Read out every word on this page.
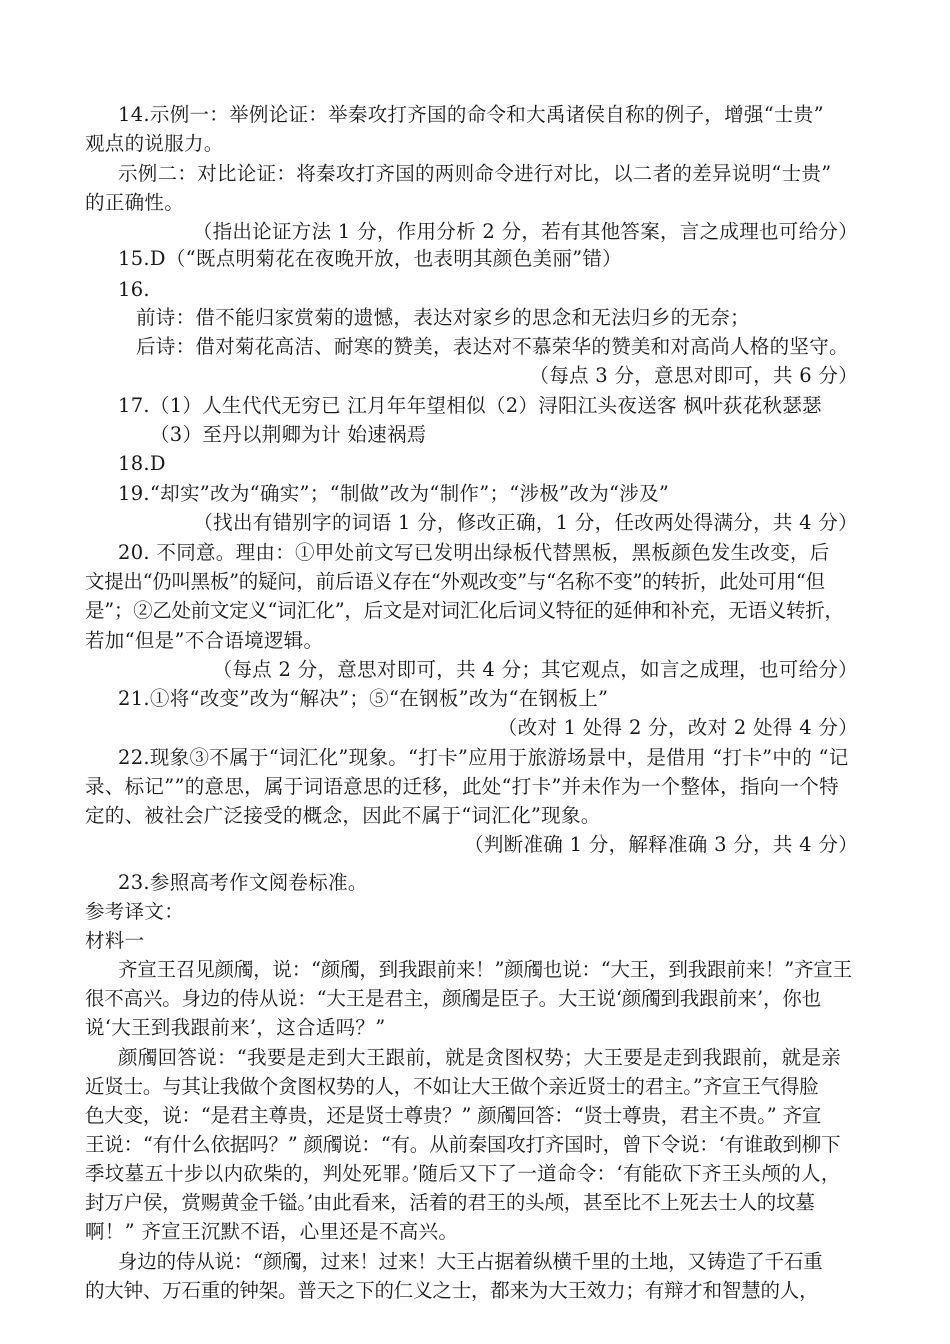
14.示例一：举例论证：举秦攻打齐国的命令和大禹诸侯自称的例子，增强“士贵”
观点的说服力。
示例二：对比论证：将秦攻打齐国的两则命令进行对比，以二者的差异说明“士贵”
的正确性。
（指出论证方法 1 分，作用分析 2 分，若有其他答案，言之成理也可给分）
15.D（“既点明菊花在夜晚开放，也表明其颜色美丽”错）
16.
前诗：借不能归家赏菊的遗憾，表达对家乡的思念和无法归乡的无奈；
后诗：借对菊花高洁、耐寒的赞美，表达对不慕荣华的赞美和对高尚人格的坚守。
（每点 3 分，意思对即可，共 6 分）
17.（1）人生代代无穷已 江月年年望相似（2）浔阳江头夜送客 枫叶荻花秋瑟瑟
（3）至丹以荆卿为计 始速祸焉
18.D
19.“却实”改为“确实”；“制做”改为“制作”；“涉极”改为“涉及”
（找出有错别字的词语 1 分，修改正确，1 分，任改两处得满分，共 4 分）
20. 不同意。理由：①甲处前文写已发明出绿板代替黑板，黑板颜色发生改变，后
文提出“仍叫黑板”的疑问，前后语义存在“外观改变”与“名称不变”的转折，此处可用“但
是”；②乙处前文定义“词汇化”，后文是对词汇化后词义特征的延伸和补充，无语义转折，
若加“但是”不合语境逻辑。
（每点 2 分，意思对即可，共 4 分；其它观点，如言之成理，也可给分）
21.①将“改变”改为“解决”；⑤“在钢板”改为“在钢板上”
（改对 1 处得 2 分，改对 2 处得 4 分）
22.现象③不属于“词汇化”现象。“打卡”应用于旅游场景中，是借用 “打卡”中的 “记
录、标记””的意思，属于词语意思的迁移，此处“打卡”并未作为一个整体，指向一个特
定的、被社会广泛接受的概念，因此不属于“词汇化”现象。
（判断准确 1 分，解释准确 3 分，共 4 分）
23.参照高考作文阅卷标准。
参考译文：
材料一
齐宣王召见颜斶，说：“颜斶，到我跟前来！”颜斶也说：“大王，到我跟前来！”齐宣王
很不高兴。身边的侍从说：“大王是君主，颜斶是臣子。大王说‘颜斶到我跟前来’，你也
说‘大王到我跟前来’，这合适吗？”
颜斶回答说：“我要是走到大王跟前，就是贪图权势；大王要是走到我跟前，就是亲
近贤士。与其让我做个贪图权势的人，不如让大王做个亲近贤士的君主。”齐宣王气得脸
色大变，说：“是君主尊贵，还是贤士尊贵？” 颜斶回答：“贤士尊贵，君主不贵。” 齐宣
王说：“有什么依据吗？” 颜斶说：“有。从前秦国攻打齐国时，曾下令说：‘有谁敢到柳下
季坟墓五十步以内砍柴的，判处死罪。’随后又下了一道命令：‘有能砍下齐王头颅的人，
封万户侯，赏赐黄金千镒。’由此看来，活着的君王的头颅，甚至比不上死去士人的坟墓
啊！” 齐宣王沉默不语，心里还是不高兴。
身边的侍从说：“颜斶，过来！过来！大王占据着纵横千里的土地，又铸造了千石重
的大钟、万石重的钟架。普天之下的仁义之士，都来为大王效力；有辩才和智慧的人，
